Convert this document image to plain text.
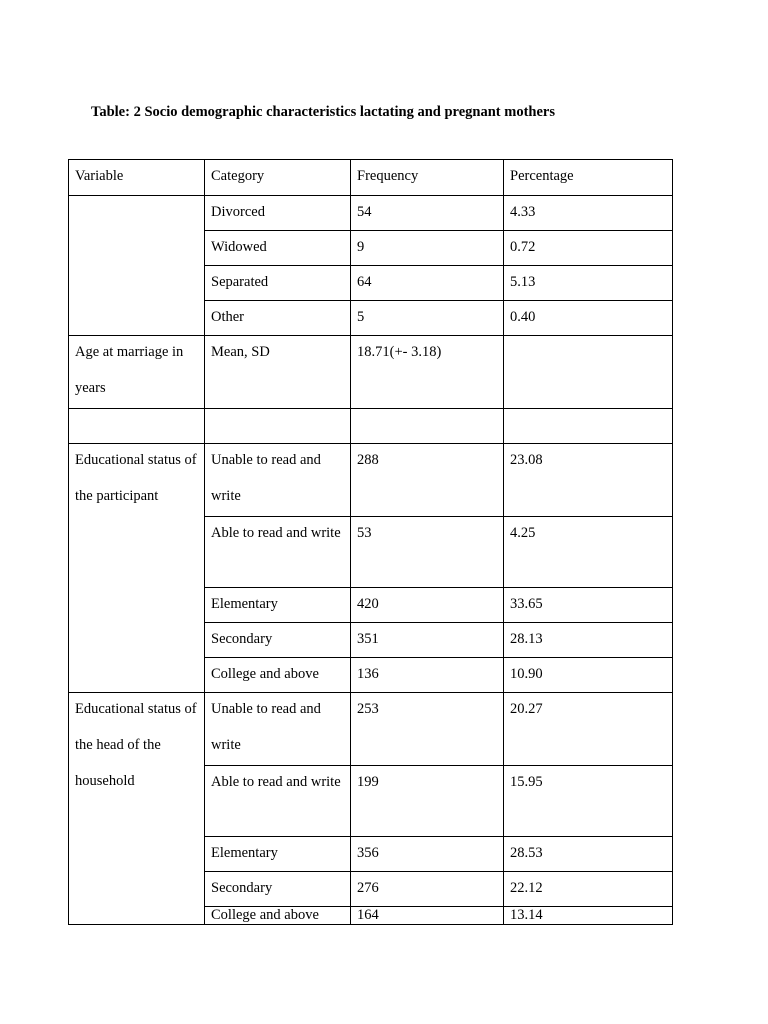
Table: 2 Socio demographic characteristics lactating and pregnant mothers
Variable	Category	Frequency	Percentage

	Divorced	54	4.33

	Widowed	9	0.72

	Separated	64	5.13

	Other	5	0.40

Age at marriage in years	Mean, SD	18.71(+- 3.18)	

Educational status of the participant	Unable to read and write	288	23.08

	Able to read and write	53	4.25

	Elementary	420	33.65

	Secondary	351	28.13

	College and above	136	10.90

Educational status of the head of the household	Unable to read and write	253	20.27

	Able to read and write	199	15.95

	Elementary	356	28.53

	Secondary	276	22.12

	College and above	164	13.14
